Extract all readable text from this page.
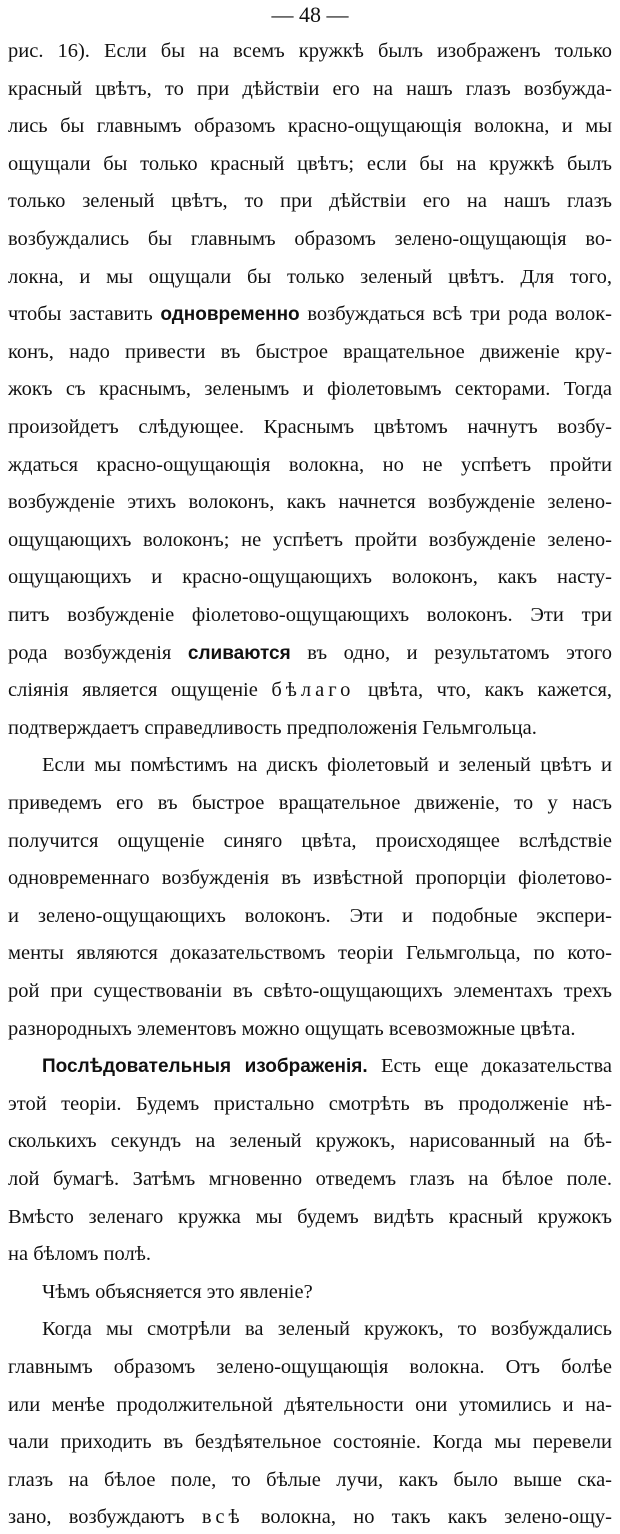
— 48 —
рис. 16). Если бы на всемъ кружкѣ былъ изображенъ только
красный цвѣтъ, то при дѣйствіи его на нашъ глазъ возбужда-
лись бы главнымъ образомъ красно-ощущающія волокна, и мы
ощущали бы только красный цвѣтъ; если бы на кружкѣ былъ
только зеленый цвѣтъ, то при дѣйствіи его на нашъ глазъ
возбуждались бы главнымъ образомъ зелено-ощущающія во-
локна, и мы ощущали бы только зеленый цвѣтъ. Для того,
чтобы заставить одновременно возбуждаться всѣ три рода волок-
конъ, надо привести въ быстрое вращательное движеніе кру-
жокъ съ краснымъ, зеленымъ и фіолетовымъ секторами. Тогда
произойдетъ слѣдующее. Краснымъ цвѣтомъ начнутъ возбу-
ждаться красно-ощущающія волокна, но не успѣетъ пройти
возбужденіе этихъ волоконъ, какъ начнется возбужденіе зелено-
ощущающихъ волоконъ; не успѣетъ пройти возбужденіе зелено-
ощущающихъ и красно-ощущающихъ волоконъ, какъ насту-
питъ возбужденіе фіолетово-ощущающихъ волоконъ. Эти три
рода возбужденія сливаются въ одно, и результатомъ этого
сліянія является ощущеніе бѣлаго цвѣта, что, какъ кажется,
подтверждаетъ справедливость предположенія Гельмгольца.
Если мы помѣстимъ на дискъ фіолетовый и зеленый цвѣтъ и
приведемъ его въ быстрое вращательное движеніе, то у насъ
получится ощущеніе синяго цвѣта, происходящее вслѣдствіе
одновременнаго возбужденія въ извѣстной пропорціи фіолетово-
и зелено-ощущающихъ волоконъ. Эти и подобные экспери-
менты являются доказательствомъ теоріи Гельмгольца, по кото-
рой при существованіи въ свѣто-ощущающихъ элементахъ трехъ
разнородныхъ элементовъ можно ощущать всевозможные цвѣта.
Послѣдовательныя изображенія. Есть еще доказательства
этой теоріи. Будемъ пристально смотрѣть въ продолженіе нѣ-
сколькихъ секундъ на зеленый кружокъ, нарисованный на бѣ-
лой бумагѣ. Затѣмъ мгновенно отведемъ глазъ на бѣлое поле.
Вмѣсто зеленаго кружка мы будемъ видѣть красный кружокъ
на бѣломъ полѣ.
Чѣмъ объясняется это явленіе?
Когда мы смотрѣли ва зеленый кружокъ, то возбуждались
главнымъ образомъ зелено-ощущающія волокна. Отъ болѣе
или менѣе продолжительной дѣятельности они утомились и на-
чали приходить въ бездѣятельное состояніе. Когда мы перевели
глазъ на бѣлое поле, то бѣлые лучи, какъ было выше ска-
зано, возбуждаютъ всѣ волокна, но такъ какъ зелено-ощу-
